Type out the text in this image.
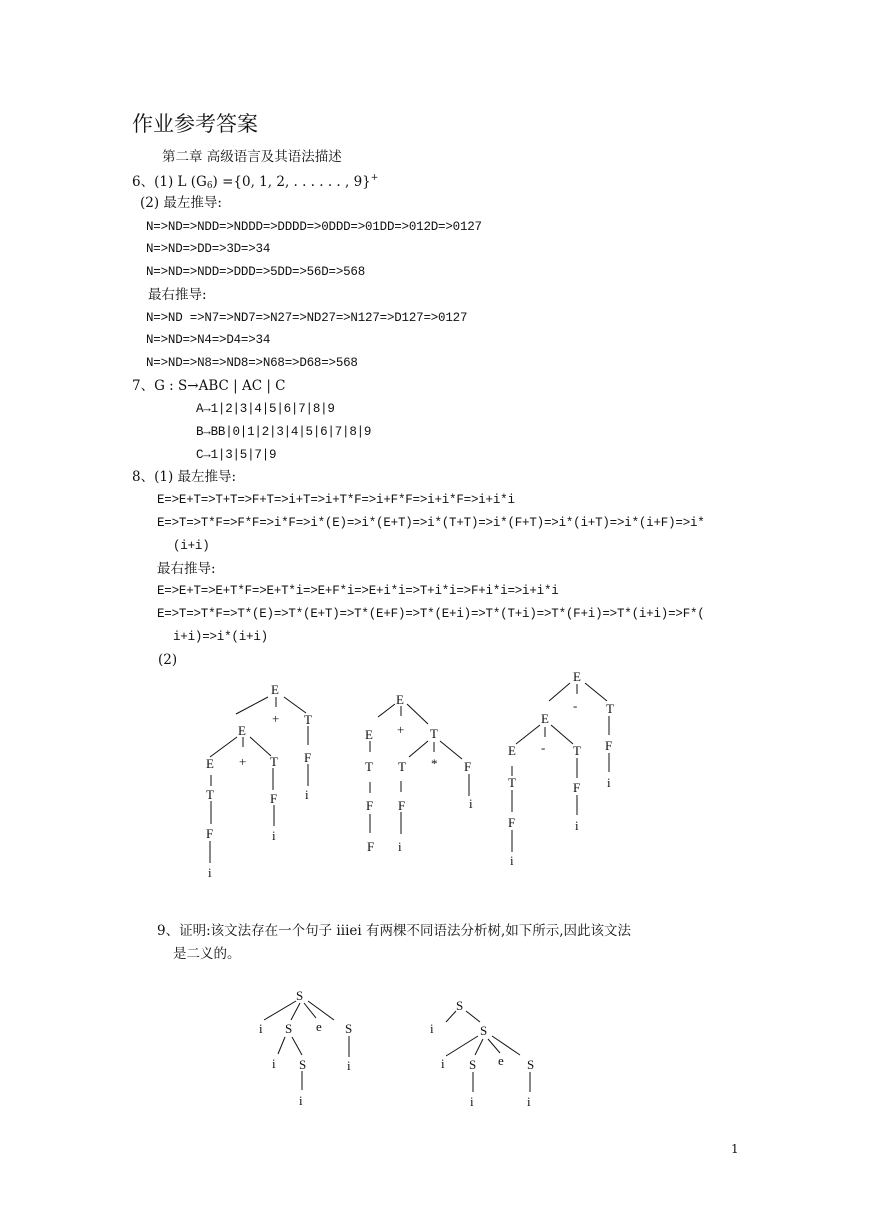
作业参考答案
第二章 高级语言及其语法描述
6、(1) L $(G_6) =\{0$, 1, 2, . . . . . . , 9}+
(2) 最左推导:
N=>ND=>NDD=>NDDD=>DDDD=>0DDD=>01DD=>012D=>0127
N=>ND=>DD=>3D=>34
N=>ND=>NDD=>DDD=>5DD=>56D=>568
最右推导:
N=>ND =>N7=>ND7=>N27=>ND27=>N127=>D127=>0127
N=>ND=>N4=>D4=>34
N=>ND=>N8=>ND8=>N68=>D68=>568
7、G : S→ABC | AC | C
A→1|2|3|4|5|6|7|8|9
B→BB|0|1|2|3|4|5|6|7|8|9
C→1|3|5|7|9
8、(1) 最左推导:
E=>E+T=>T+T=>F+T=>i+T=>i+T*F=>i+F*F=>i+i*F=>i+i*i
E=>T=>T*F=>F*F=>i*F=>i*(E)=>i*(E+T)=>i*(T+T)=>i*(F+T)=>i*(i+T)=>i*(i+F)=>i*
(i+i)
最右推导:
E=>E+T=>E+T*F=>E+T*i=>E+F*i=>E+i*i=>T+i*i=>F+i*i=>i+i*i
E=>T=>T*F=>T*(E)=>T*(E+T)=>T*(E+F)=>T*(E+i)=>T*(T+i)=>T*(F+i)=>T*(i+i)=>F*(
i+i)=>i*(i+i)
(2)
E
+ T
E
F
i
E + T
T	F
F	i
i
E
+ T
E
T	* F
T
F	i
F
F i
E
- T
E
F
E - T
i
T	F
F	i
i
9、证明:该文法存在一个句子 iiiei 有两棵不同语法分析树,如下所示,因此该文法
是二义的。
S
i S e S
i S	i
i
S
i	S
i S e S
i	i
1
